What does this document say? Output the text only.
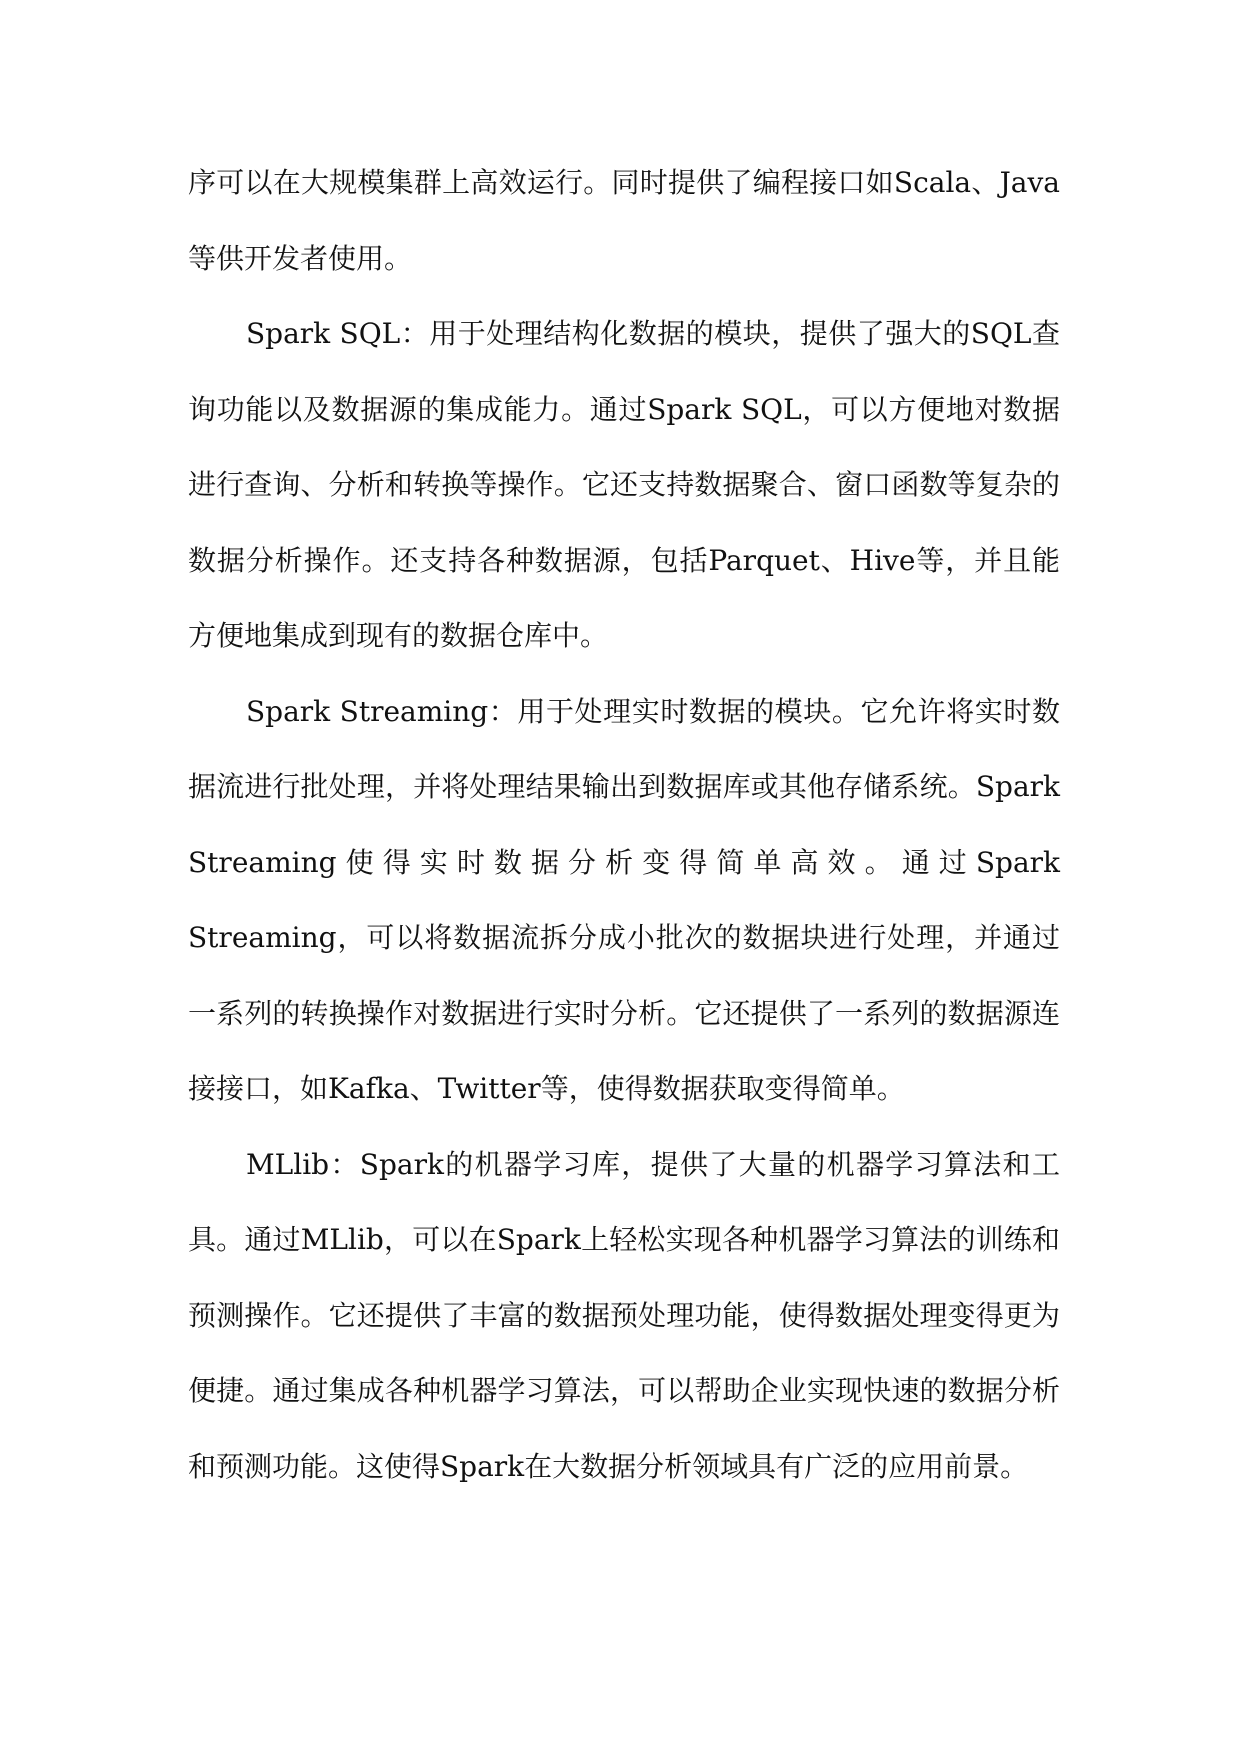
序可以在大规模集群上高效运行。同时提供了编程接口如Scala、Java等供开发者使用。

Spark SQL：用于处理结构化数据的模块，提供了强大的SQL查询功能以及数据源的集成能力。通过Spark SQL，可以方便地对数据进行查询、分析和转换等操作。它还支持数据聚合、窗口函数等复杂的数据分析操作。还支持各种数据源，包括Parquet、Hive等，并且能方便地集成到现有的数据仓库中。

Spark Streaming：用于处理实时数据的模块。它允许将实时数据流进行批处理，并将处理结果输出到数据库或其他存储系统。Spark Streaming使得实时数据分析变得简单高效。通过Spark Streaming，可以将数据流拆分成小批次的数据块进行处理，并通过一系列的转换操作对数据进行实时分析。它还提供了一系列的数据源连接接口，如Kafka、Twitter等，使得数据获取变得简单。

MLlib：Spark的机器学习库，提供了大量的机器学习算法和工具。通过MLlib，可以在Spark上轻松实现各种机器学习算法的训练和预测操作。它还提供了丰富的数据预处理功能，使得数据处理变得更为便捷。通过集成各种机器学习算法，可以帮助企业实现快速的数据分析和预测功能。这使得Spark在大数据分析领域具有广泛的应用前景。
